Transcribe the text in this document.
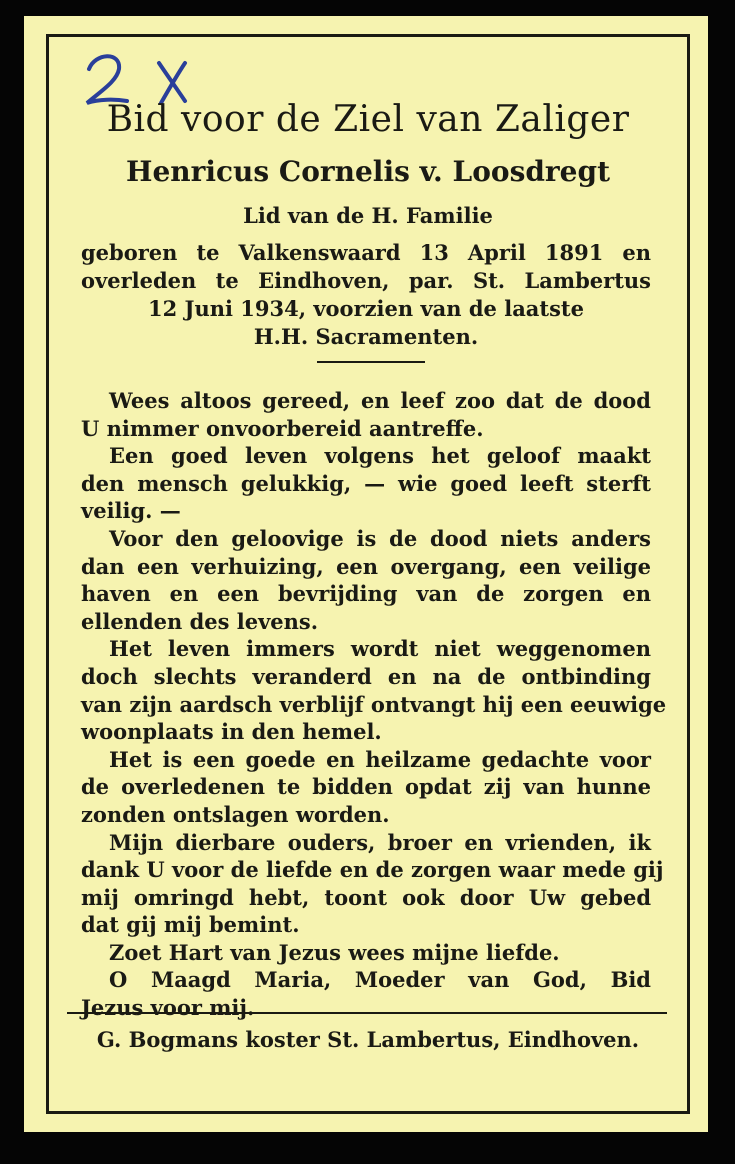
Bid voor de Ziel van Zaliger
Henricus Cornelis v. Loosdregt
Lid van de H. Familie
geboren te Valkenswaard 13 April 1891 en
overleden te Eindhoven, par. St. Lambertus
12 Juni 1934, voorzien van de laatste
H.H. Sacramenten.
Wees altoos gereed, en leef zoo dat de dood
U nimmer onvoorbereid aantreffe.
Een goed leven volgens het geloof maakt
den mensch gelukkig, — wie goed leeft sterft
veilig. —
Voor den geloovige is de dood niets anders
dan een verhuizing, een overgang, een veilige
haven en een bevrijding van de zorgen en
ellenden des levens.
Het leven immers wordt niet weggenomen
doch slechts veranderd en na de ontbinding
van zijn aardsch verblijf ontvangt hij een eeuwige
woonplaats in den hemel.
Het is een goede en heilzame gedachte voor
de overledenen te bidden opdat zij van hunne
zonden ontslagen worden.
Mijn dierbare ouders, broer en vrienden, ik
dank U voor de liefde en de zorgen waar mede gij
mij omringd hebt, toont ook door Uw gebed
dat gij mij bemint.
Zoet Hart van Jezus wees mijne liefde.
O Maagd Maria, Moeder van God, Bid
Jezus voor mij.
G. Bogmans koster St. Lambertus, Eindhoven.
